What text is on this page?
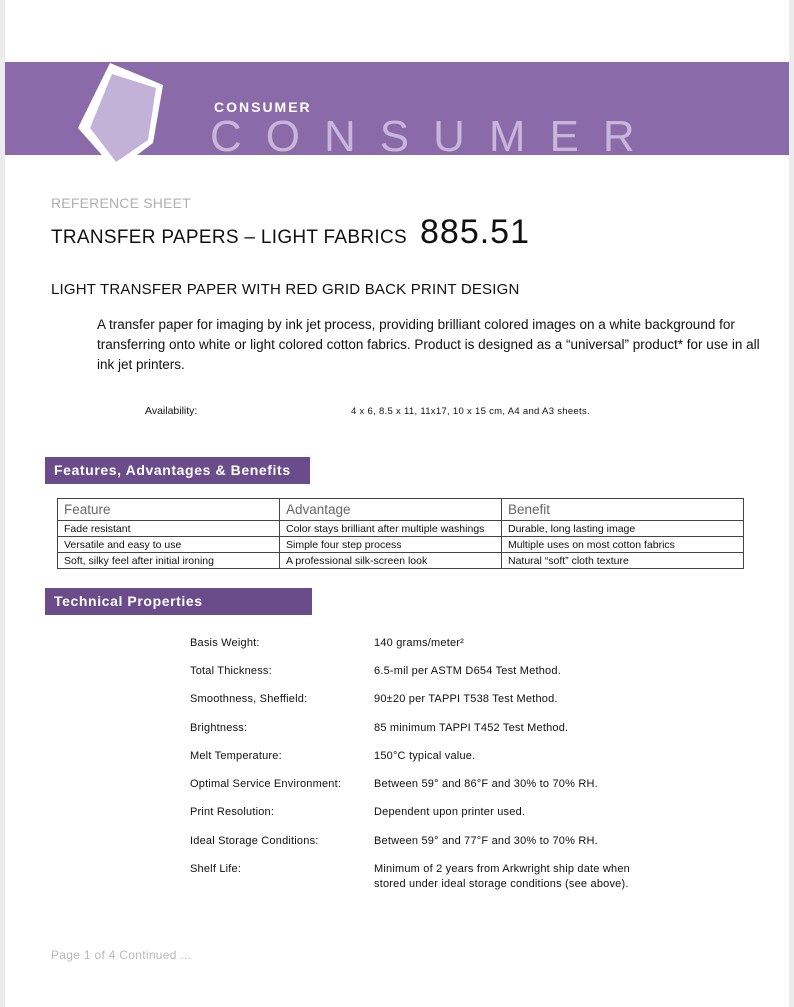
CONSUMER
CONSUMER
REFERENCE SHEET
TRANSFER PAPERS – LIGHT FABRICS 885.51
LIGHT TRANSFER PAPER WITH RED GRID BACK PRINT DESIGN
A transfer paper for imaging by ink jet process, providing brilliant colored images on a white background for transferring onto white or light colored cotton fabrics. Product is designed as a “universal” product* for use in all ink jet printers.
Availability:	4 x 6, 8.5 x 11, 11x17, 10 x 15 cm, A4 and A3 sheets.
Features, Advantages & Benefits
Feature	Advantage	Benefit
Fade resistant	Color stays brilliant after multiple washings	Durable, long lasting image
Versatile and easy to use	Simple four step process	Multiple uses on most cotton fabrics
Soft, silky feel after initial ironing	A professional silk-screen look	Natural “soft” cloth texture
Technical Properties
Basis Weight:	140 grams/meter²
Total Thickness:	6.5-mil per ASTM D654 Test Method.
Smoothness, Sheffield:	90±20 per TAPPI T538 Test Method.
Brightness:	85 minimum TAPPI T452 Test Method.
Melt Temperature:	150°C typical value.
Optimal Service Environment:	Between 59° and 86°F and 30% to 70% RH.
Print Resolution:	Dependent upon printer used.
Ideal Storage Conditions:	Between 59° and 77°F and 30% to 70% RH.
Shelf Life:	Minimum of 2 years from Arkwright ship date when
stored under ideal storage conditions (see above).
Page 1 of 4 Continued ...
